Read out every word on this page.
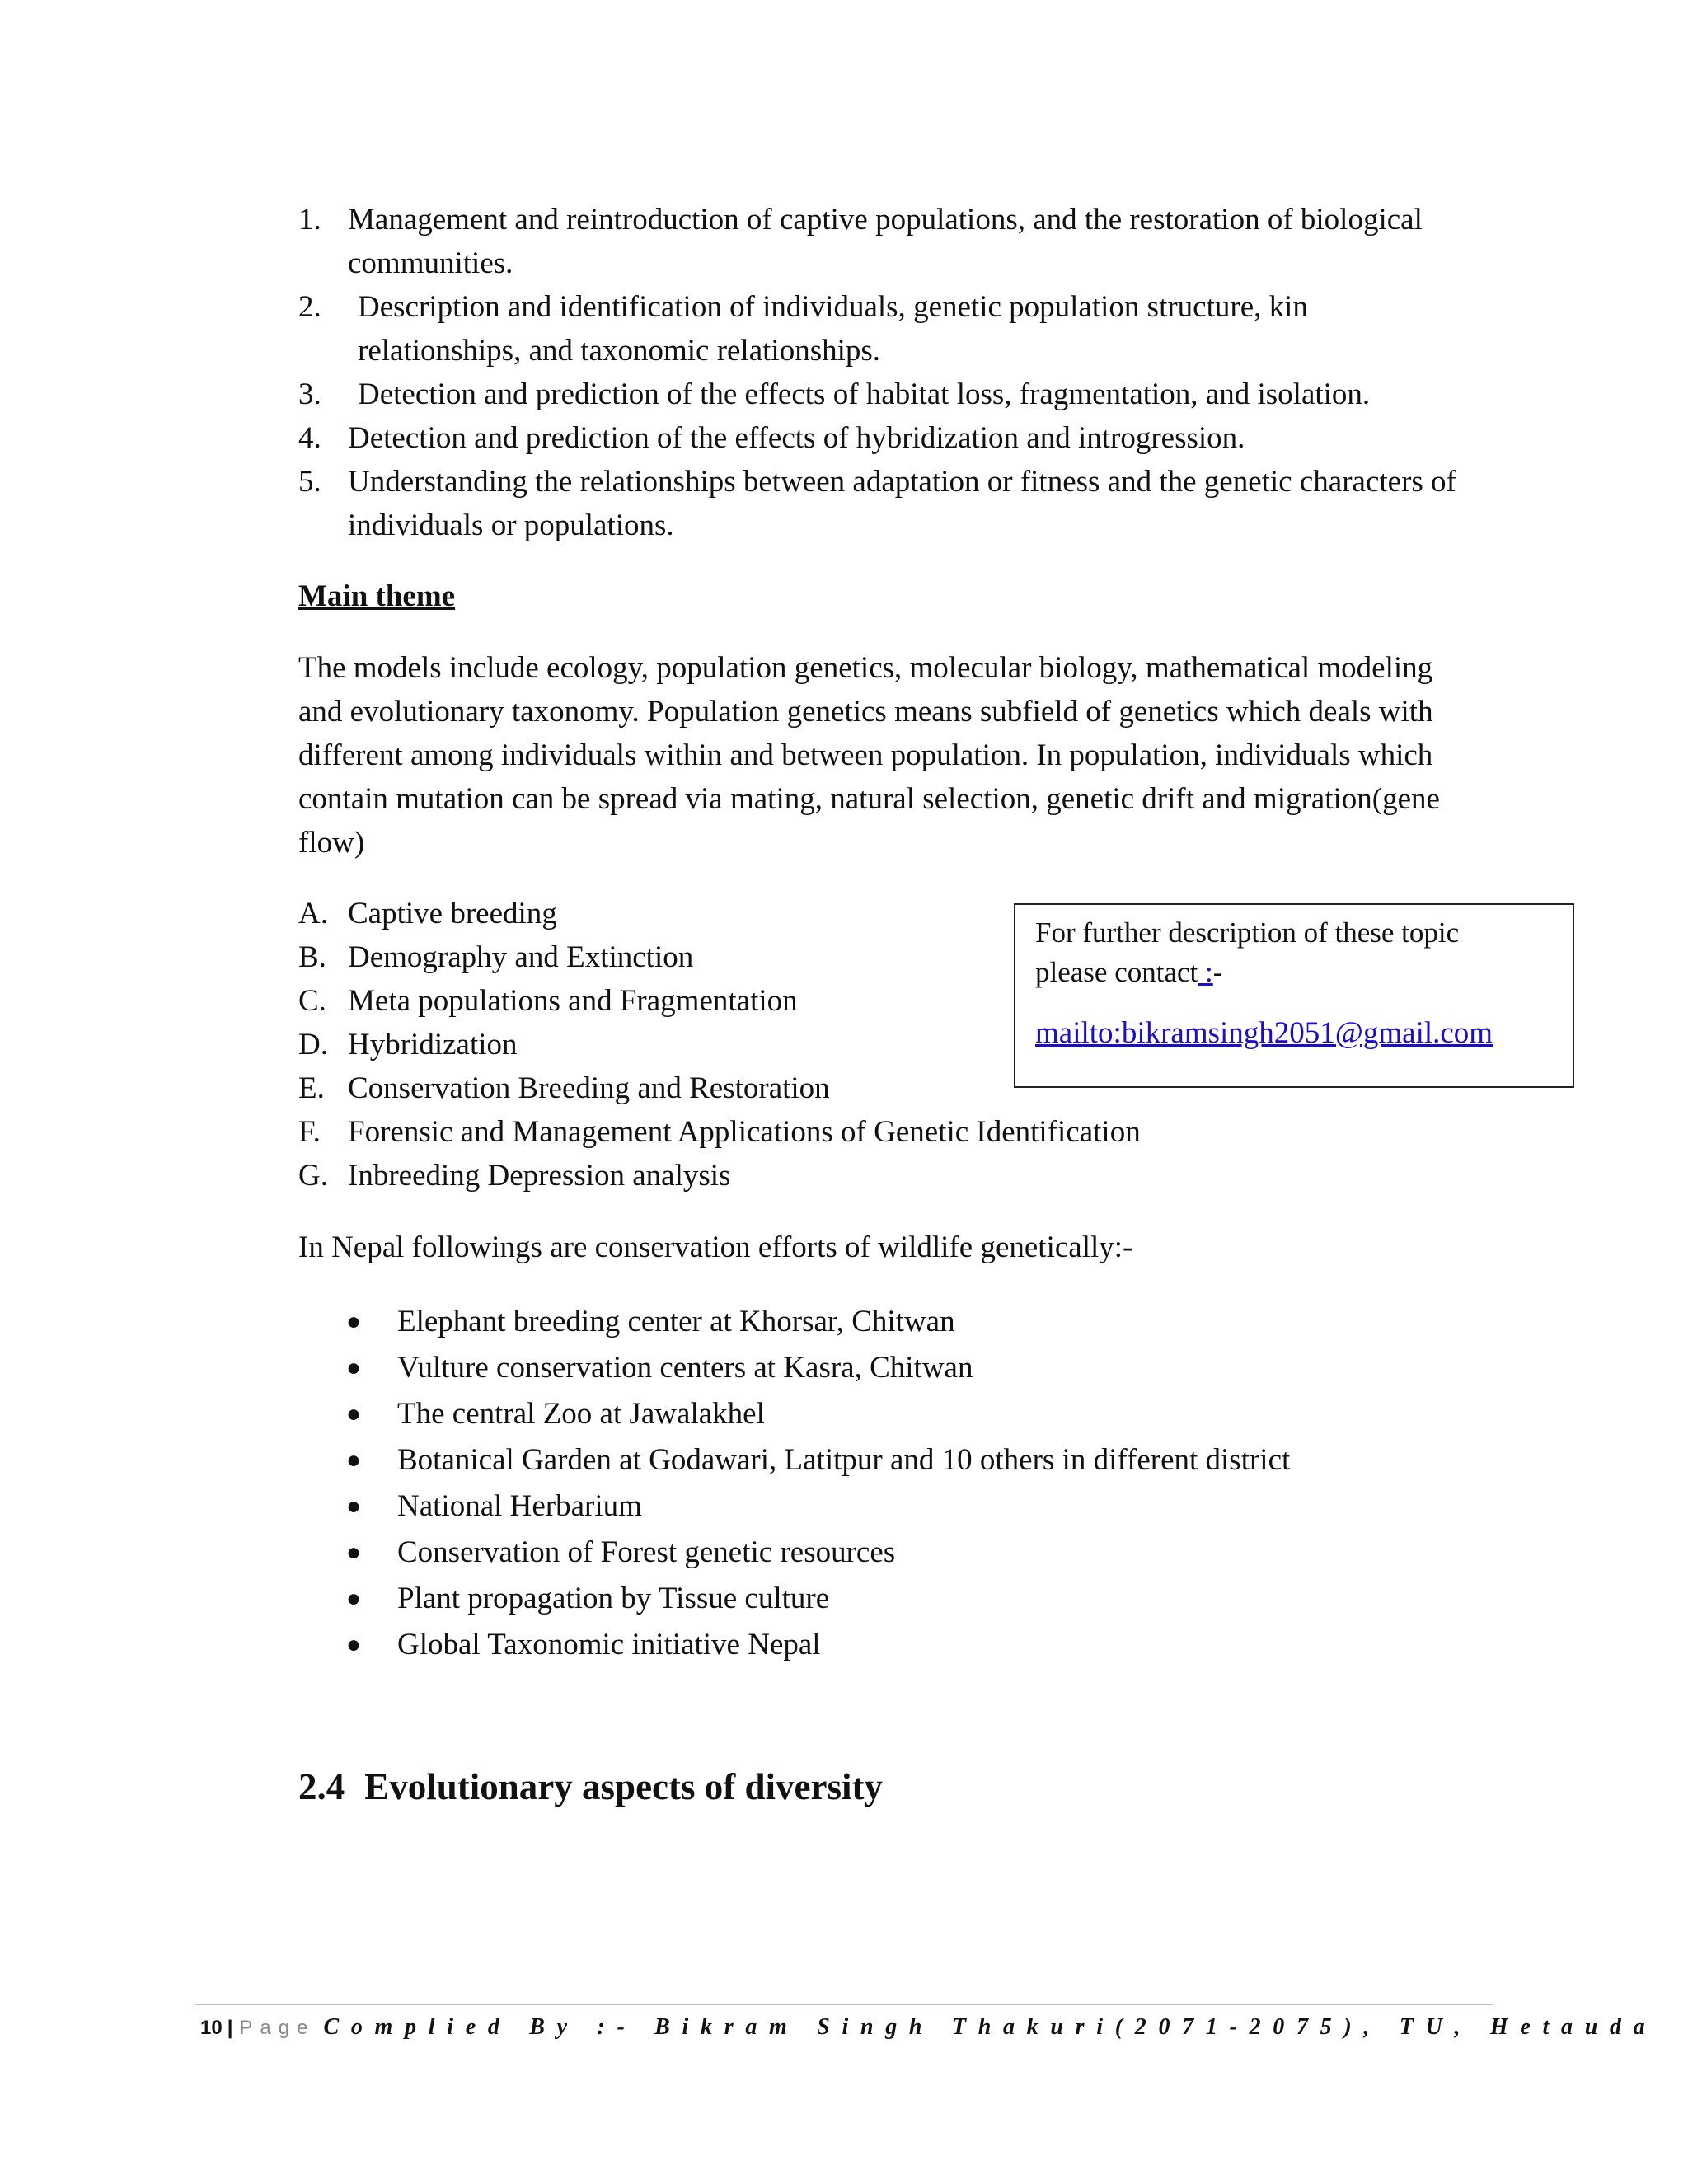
1. Management and reintroduction of captive populations, and the restoration of biological communities.
2.	Description and identification of individuals, genetic population structure, kin relationships, and taxonomic relationships.
3.	Detection and prediction of the effects of habitat loss, fragmentation, and isolation.
4. Detection and prediction of the effects of hybridization and introgression.
5. Understanding the relationships between adaptation or fitness and the genetic characters of individuals or populations.
Main theme
The models include ecology, population genetics, molecular biology, mathematical modeling and evolutionary taxonomy. Population genetics means subfield of genetics which deals with different among individuals within and between population. In population, individuals which contain mutation can be spread via mating, natural selection, genetic drift and migration(gene flow)
A. Captive breeding
B. Demography and Extinction
C. Meta populations and Fragmentation
D. Hybridization
E. Conservation Breeding and Restoration
F. Forensic and Management Applications of Genetic Identification
G. Inbreeding Depression analysis
For further description of these topic
please contact :-
mailto:bikramsingh2051@gmail.com
In Nepal followings are conservation efforts of wildlife genetically:-
● Elephant breeding center at Khorsar, Chitwan
● Vulture conservation centers at Kasra, Chitwan
● The central Zoo at Jawalakhel
● Botanical Garden at Godawari, Latitpur and 10 others in different district
● National Herbarium
● Conservation of Forest genetic resources
● Plant propagation by Tissue culture
● Global Taxonomic initiative Nepal
2.4 Evolutionary aspects of diversity
10 | Page Complied By :- Bikram Singh Thakuri(2071-2075), TU, Hetauda
